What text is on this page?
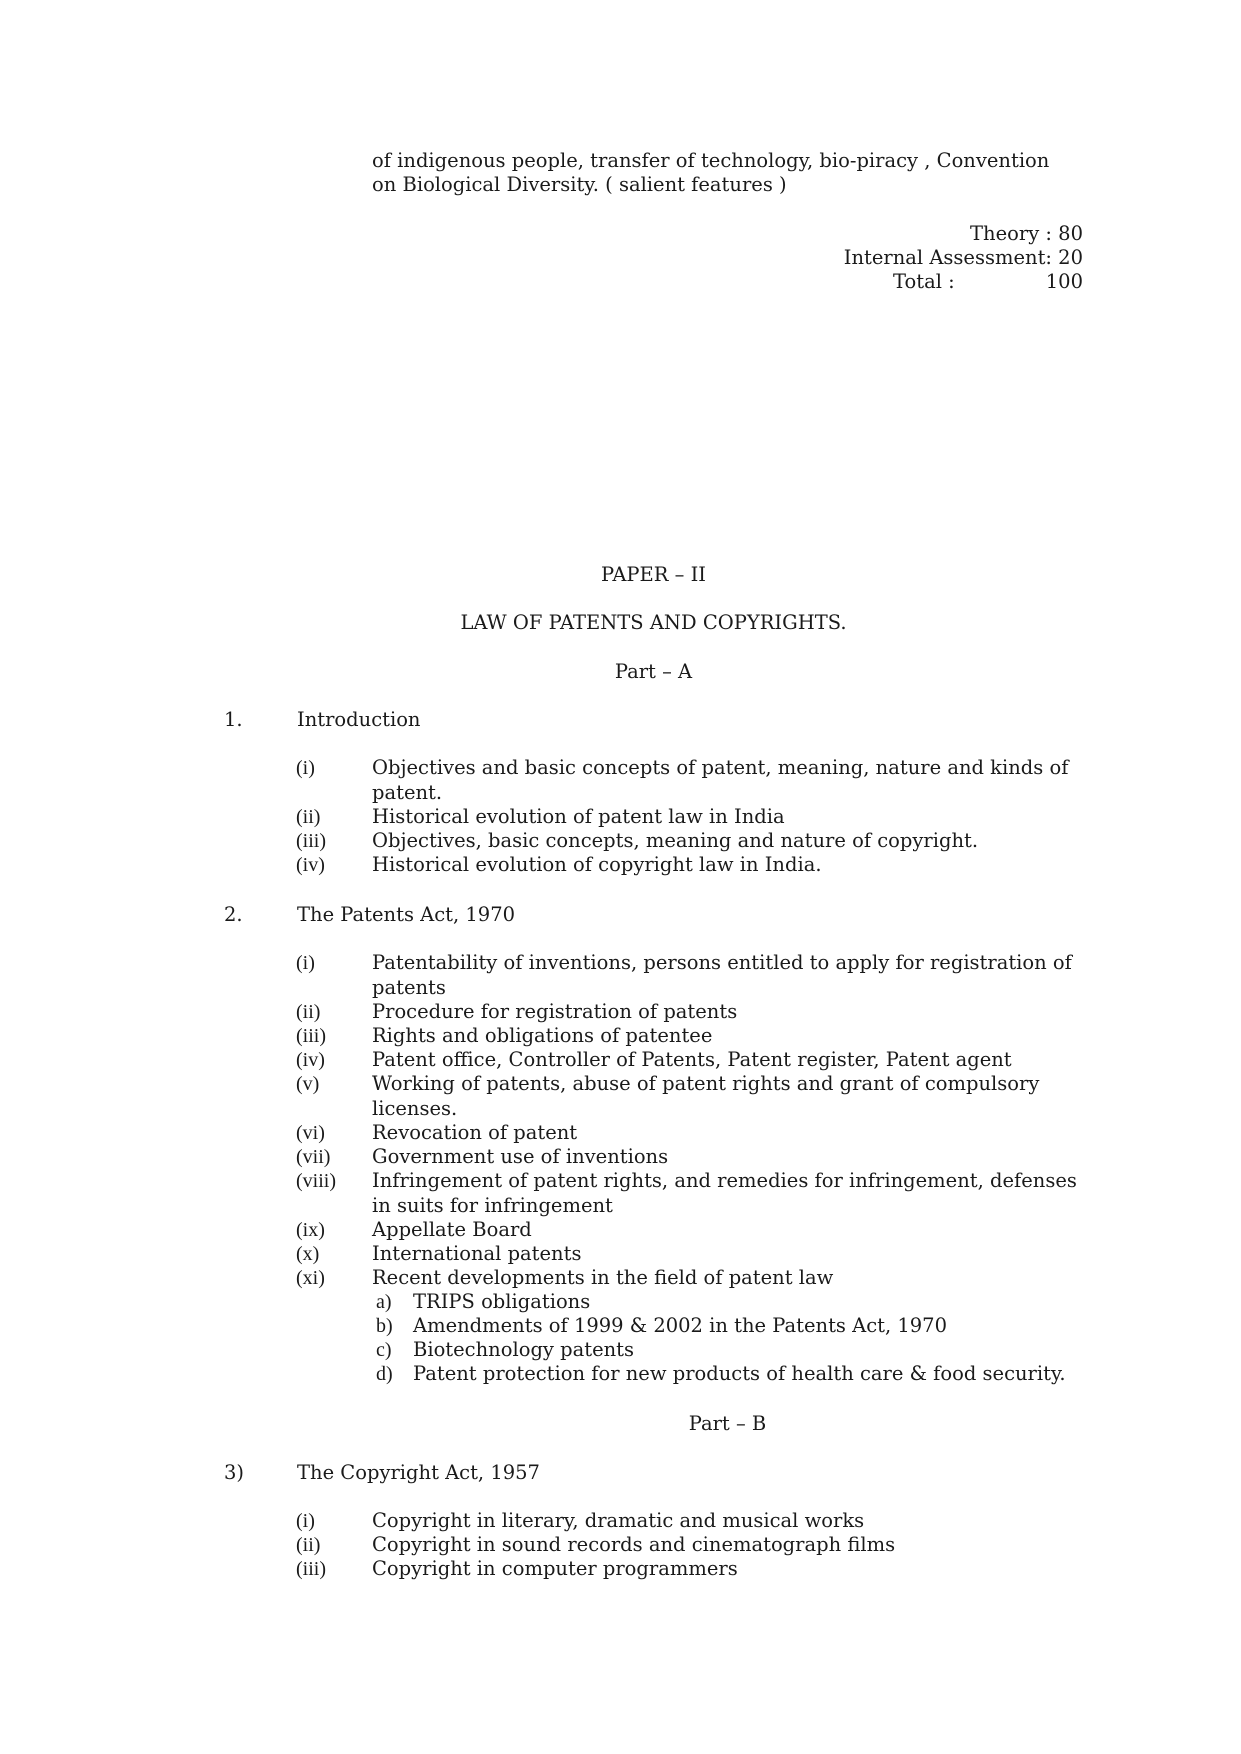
of indigenous people, transfer of technology, bio-piracy , Convention
on Biological Diversity. ( salient features )
Theory : 80
Internal Assessment: 20
Total :	100
PAPER – II
LAW OF PATENTS AND COPYRIGHTS.
Part – A
1.	Introduction
(i)	Objectives and basic concepts of patent, meaning, nature and kinds of patent.
(ii)	Historical evolution of patent law in India
(iii) Objectives, basic concepts, meaning and nature of copyright.
(iv) Historical evolution of copyright law in India.
2.	The Patents Act, 1970
(i)	Patentability of inventions, persons entitled to apply for registration of patents
(ii)	Procedure for registration of patents
(iii) Rights and obligations of patentee
(iv) Patent office, Controller of Patents, Patent register, Patent agent
(v)	Working of patents, abuse of patent rights and grant of compulsory licenses.
(vi) Revocation of patent
(vii) Government use of inventions
(viii) Infringement of patent rights, and remedies for infringement, defenses in suits for infringement
(ix) Appellate Board
(x)	International patents
(xi) Recent developments in the field of patent law
a) TRIPS obligations
b) Amendments of 1999 & 2002 in the Patents Act, 1970
c) Biotechnology patents
d) Patent protection for new products of health care & food security.
Part – B
3)	The Copyright Act, 1957
(i)	Copyright in literary, dramatic and musical works
(ii)	Copyright in sound records and cinematograph films
(iii) Copyright in computer programmers
